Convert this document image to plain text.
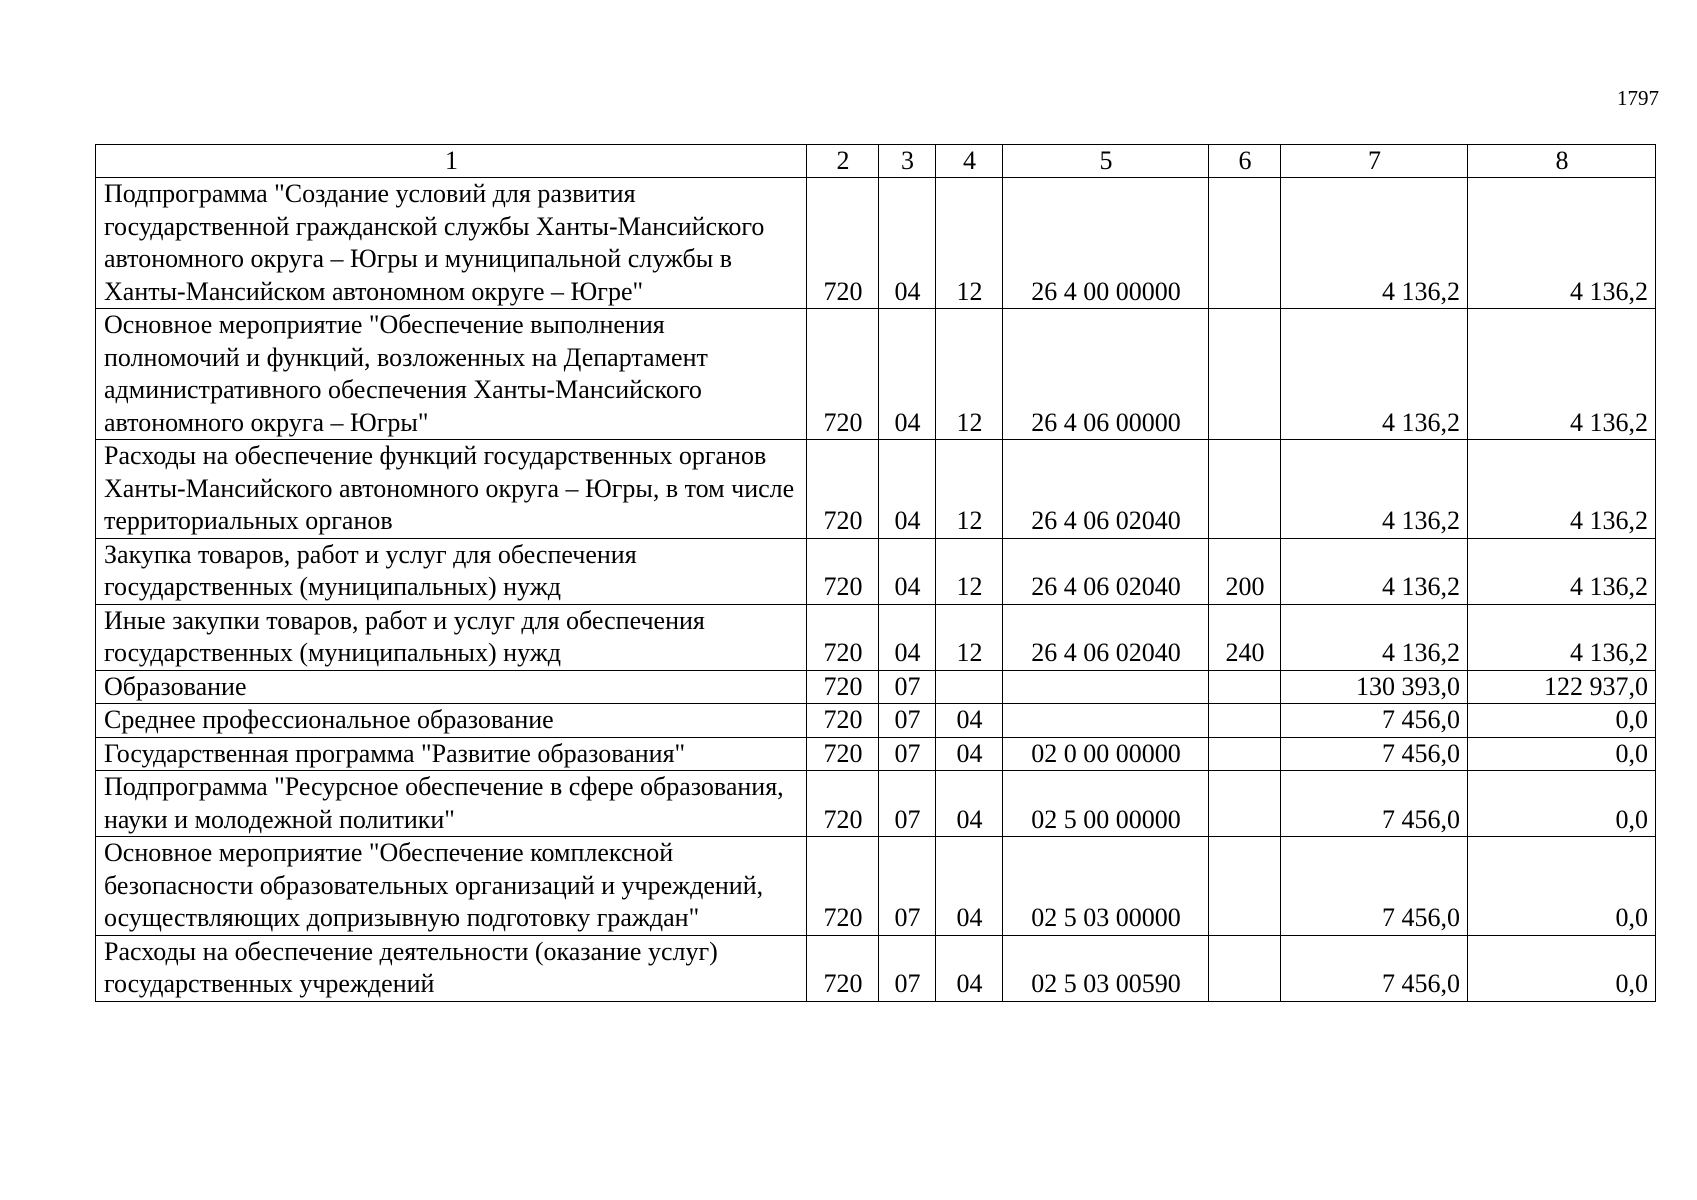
1797
1	2	3	4	5	6	7	8
Подпрограмма "Создание условий для развития государственной гражданской службы Ханты-Мансийского автономного округа – Югры и муниципальной службы в Ханты-Мансийском автономном округе – Югре"	720	04	12	26 4 00 00000		4 136,2	4 136,2
Основное мероприятие "Обеспечение выполнения полномочий и функций, возложенных на Департамент административного обеспечения Ханты-Мансийского автономного округа – Югры"	720	04	12	26 4 06 00000		4 136,2	4 136,2
Расходы на обеспечение функций государственных органов Ханты-Мансийского автономного округа – Югры, в том числе территориальных органов	720	04	12	26 4 06 02040		4 136,2	4 136,2
Закупка товаров, работ и услуг для обеспечения государственных (муниципальных) нужд	720	04	12	26 4 06 02040	200	4 136,2	4 136,2
Иные закупки товаров, работ и услуг для обеспечения государственных (муниципальных) нужд	720	04	12	26 4 06 02040	240	4 136,2	4 136,2
Образование	720	07				130 393,0	122 937,0
Среднее профессиональное образование	720	07	04			7 456,0	0,0
Государственная программа "Развитие образования"	720	07	04	02 0 00 00000		7 456,0	0,0
Подпрограмма "Ресурсное обеспечение в сфере образования, науки и молодежной политики"	720	07	04	02 5 00 00000		7 456,0	0,0
Основное мероприятие "Обеспечение комплексной безопасности образовательных организаций и учреждений, осуществляющих допризывную подготовку граждан"	720	07	04	02 5 03 00000		7 456,0	0,0
Расходы на обеспечение деятельности (оказание услуг) государственных учреждений	720	07	04	02 5 03 00590		7 456,0	0,0
